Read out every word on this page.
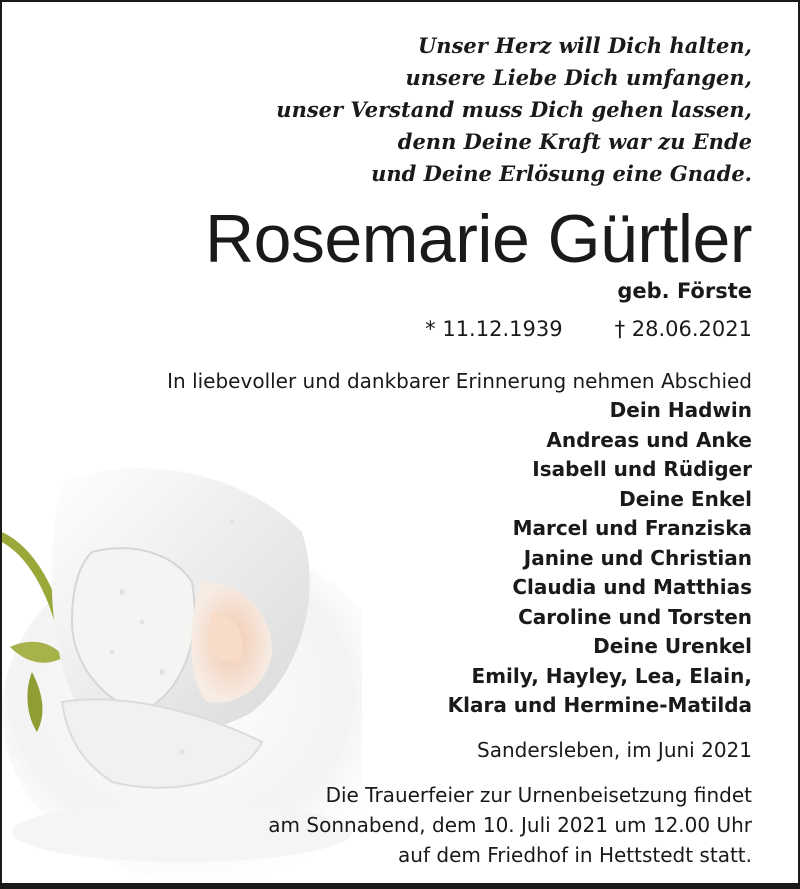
Unser Herz will Dich halten,
unsere Liebe Dich umfangen,
unser Verstand muss Dich gehen lassen,
denn Deine Kraft war zu Ende
und Deine Erlösung eine Gnade.
Rosemarie Gürtler
geb. Förste
* 11.12.1939 † 28.06.2021
In liebevoller und dankbarer Erinnerung nehmen Abschied
Dein Hadwin
Andreas und Anke
Isabell und Rüdiger
Deine Enkel
Marcel und Franziska
Janine und Christian
Claudia und Matthias
Caroline und Torsten
Deine Urenkel
Emily, Hayley, Lea, Elain,
Klara und Hermine-Matilda
Sandersleben, im Juni 2021
Die Trauerfeier zur Urnenbeisetzung findet
am Sonnabend, dem 10. Juli 2021 um 12.00 Uhr
auf dem Friedhof in Hettstedt statt.
